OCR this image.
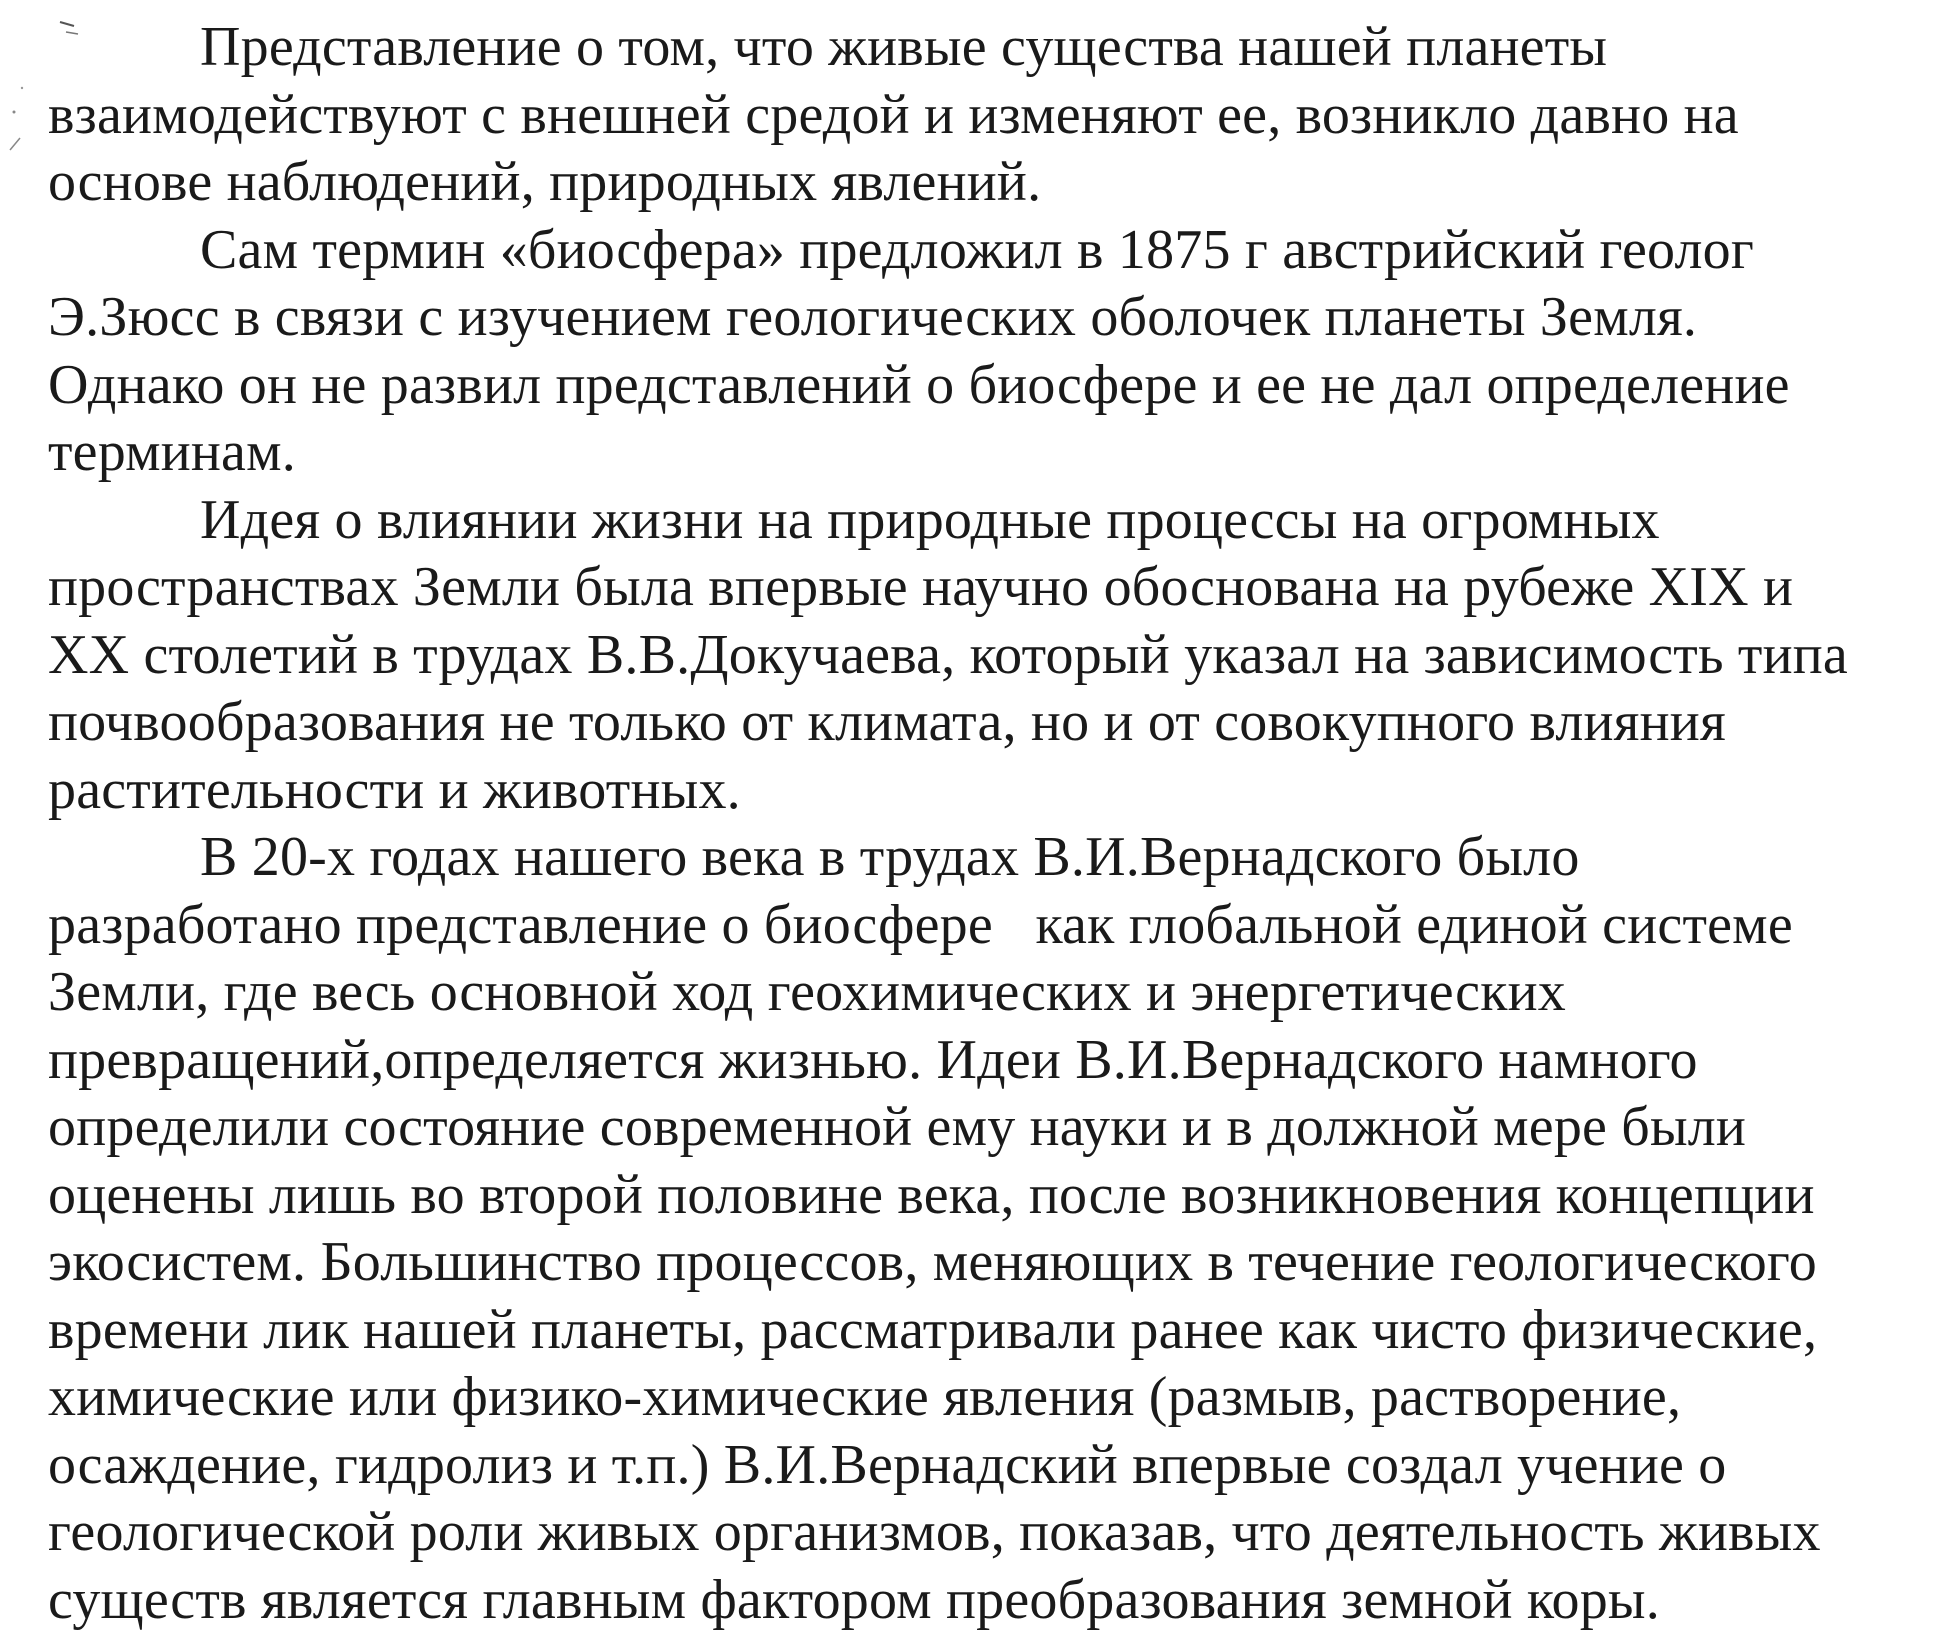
Представление о том, что живые существа нашей планеты
взаимодействуют с внешней средой и изменяют ее, возникло давно на
основе наблюдений, природных явлений.
Сам термин «биосфера» предложил в 1875 г австрийский геолог
Э.Зюсс в связи с изучением геологических оболочек планеты Земля.
Однако он не развил представлений о биосфере и ее не дал определение
терминам.
Идея о влиянии жизни на природные процессы на огромных
пространствах Земли была впервые научно обоснована на рубеже XIX и
XX столетий в трудах В.В.Докучаева, который указал на зависимость типа
почвообразования не только от климата, но и от совокупного влияния
растительности и животных.
В 20-х годах нашего века в трудах В.И.Вернадского было
разработано представление о биосфере   как глобальной единой системе
Земли, где весь основной ход геохимических и энергетических
превращений,определяется жизнью. Идеи В.И.Вернадского намного
определили состояние современной ему науки и в должной мере были
оценены лишь во второй половине века, после возникновения концепции
экосистем. Большинство процессов, меняющих в течение геологического
времени лик нашей планеты, рассматривали ранее как чисто физические,
химические или физико-химические явления (размыв, растворение,
осаждение, гидролиз и т.п.) В.И.Вернадский впервые создал учение о
геологической роли живых организмов, показав, что деятельность живых
существ является главным фактором преобразования земной коры.
